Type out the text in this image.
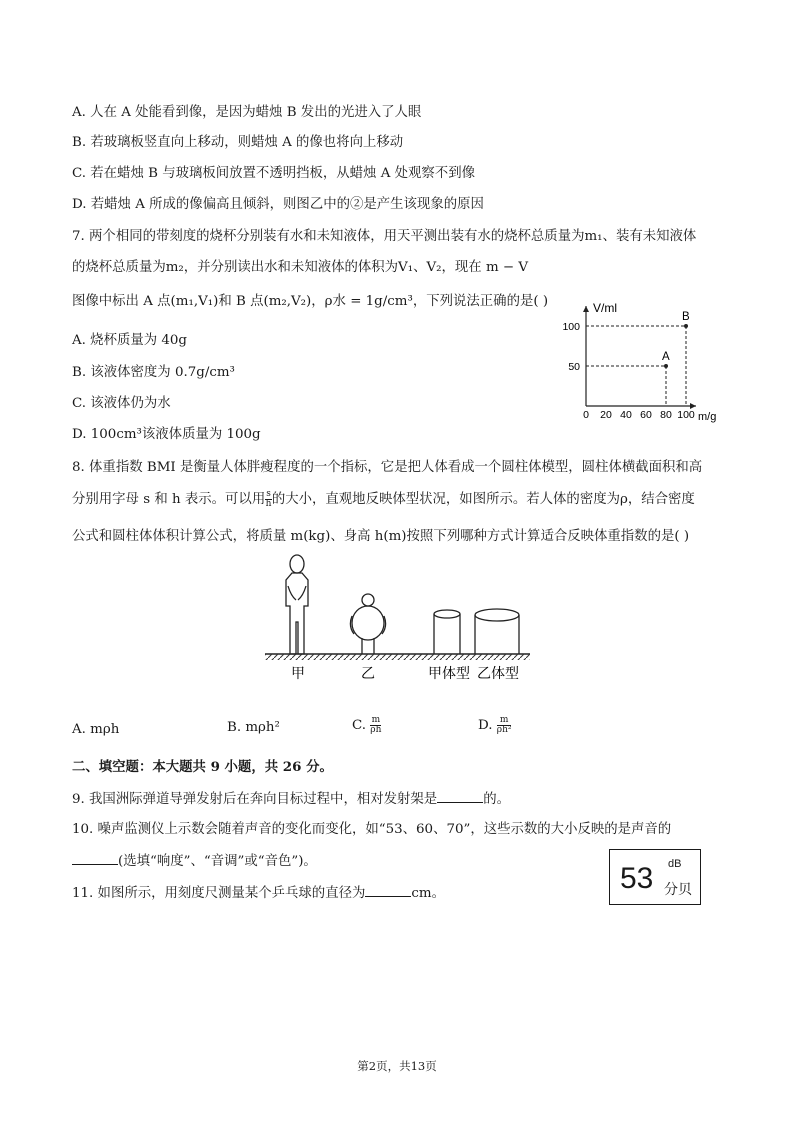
A. 人在 A 处能看到像，是因为蜡烛 B 发出的光进入了人眼
B. 若玻璃板竖直向上移动，则蜡烛 A 的像也将向上移动
C. 若在蜡烛 B 与玻璃板间放置不透明挡板，从蜡烛 A 处观察不到像
D. 若蜡烛 A 所成的像偏高且倾斜，则图乙中的②是产生该现象的原因
7. 两个相同的带刻度的烧杯分别装有水和未知液体，用天平测出装有水的烧杯总质量为m₁、装有未知液体
的烧杯总质量为m₂，并分别读出水和未知液体的体积为V₁、V₂，现在 m − V
图像中标出 A 点(m₁,V₁)和 B 点(m₂,V₂)，ρ水 = 1g/cm³，下列说法正确的是( )
A. 烧杯质量为 40g
B. 该液体密度为 0.7g/cm³
C. 该液体仍为水
D. 100cm³该液体质量为 100g
V/ml
m/g
0 20 40 60 80 100
50
100
A
B
8. 体重指数 BMI 是衡量人体胖瘦程度的一个指标，它是把人体看成一个圆柱体模型，圆柱体横截面积和高
分别用字母 s 和 h 表示。可以用 $\frac{s}{h}$ 的大小，直观地反映体型状况，如图所示。若人体的密度为ρ，结合密度
公式和圆柱体体积计算公式，将质量 m(kg)、身高 h(m)按照下列哪种方式计算适合反映体重指数的是( )
甲	乙	甲体型 乙体型
A. mρh	B. mρh²	C. $\frac{m}{\rho h}$	D. $\frac{m}{\text{ρh²}}$
二、填空题：本大题共 9 小题，共 26 分。
9. 我国洲际弹道导弹发射后在奔向目标过程中，相对发射架是	的。
10. 噪声监测仪上示数会随着声音的变化而变化，如“53、60、70”，这些示数的大小反映的是声音的
(选填“响度”、“音调”或“音色”)。
53 dB
分贝
11. 如图所示，用刻度尺测量某个乒乓球的直径为	cm。
第2页，共13页
